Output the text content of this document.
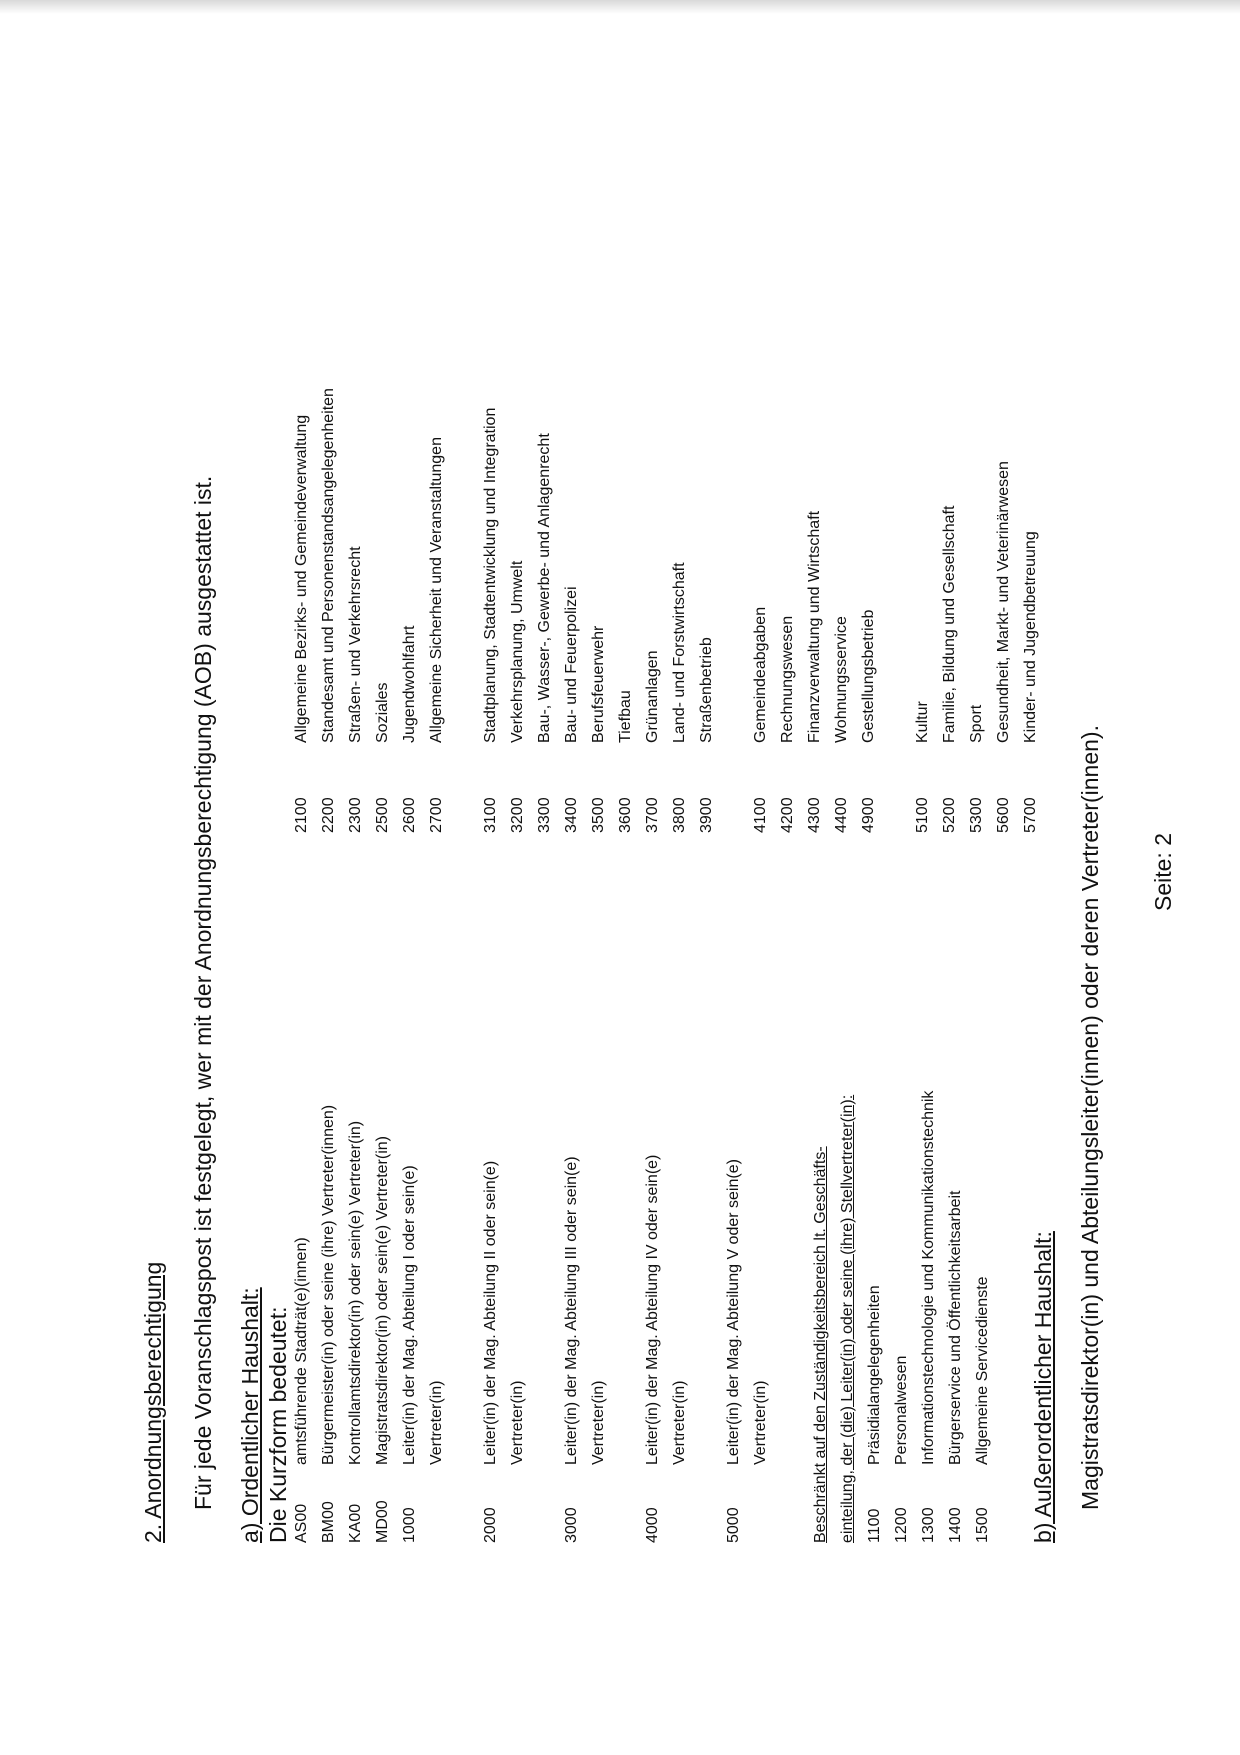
2. Anordnungsberechtigung Für jede Voranschlagspost ist festgelegt, wer mit der Anordnungsberechtigung (AOB) ausgestattet ist. a) Ordentlicher Haushalt: Die Kurzform bedeutet: AS00
amtsführende Stadträt(e)(innen)
BM00
Bürgermeister(in) oder seine (ihre) Vertreter(innen)
KA00
Kontrollamtsdirektor(in) oder sein(e) Vertreter(in)
MD00
Magistratsdirektor(in) oder sein(e) Vertreter(in)
1000
Leiter(in) der Mag. Abteilung I oder sein(e) Vertreter(in)
2000
Leiter(in) der Mag. Abteilung II oder sein(e) Vertreter(in)
3000
Leiter(in) der Mag. Abteilung III oder sein(e) Vertreter(in)
4000
Leiter(in) der Mag. Abteilung IV oder sein(e) Vertreter(in)
5000
Leiter(in) der Mag. Abteilung V oder sein(e) Vertreter(in)	Beschränkt auf den Zuständigkeitsbereich lt. Geschäfts- einteilung, der (die) Leiter(in) oder seine (ihre) Stellvertreter(in): 1100
Präsidialangelegenheiten
1200
Personalwesen
1300
Informationstechnologie und Kommunikationstechnik
1400
Bürgerservice und Öffentlichkeitsarbeit
1500
Allgemeine Servicedienste
2100
Allgemeine Bezirks- und Gemeindeverwaltung
2200
Standesamt und Personenstandsangelegenheiten
2300
Straßen- und Verkehrsrecht
2500
Soziales
2600
Jugendwohlfahrt
2700
Allgemeine Sicherheit und Veranstaltungen
3100
Stadtplanung, Stadtentwicklung und Integration
3200
Verkehrsplanung, Umwelt
3300
Bau-, Wasser-, Gewerbe- und Anlagenrecht
3400
Bau- und Feuerpolizei
3500
Berufsfeuerwehr
3600
Tiefbau
3700
Grünanlagen
3800
Land- und Forstwirtschaft
3900
Straßenbetrieb
4100
Gemeindeabgaben
4200
Rechnungswesen
4300
Finanzverwaltung und Wirtschaft
4400
Wohnungsservice
4900
Gestellungsbetrieb
5100
Kultur
5200
Familie, Bildung und Gesellschaft
5300
Sport
5600
Gesundheit, Markt- und Veterinärwesen
5700
Kinder- und Jugendbetreuung
b) Außerordentlicher Haushalt: Magistratsdirektor(in) und Abteilungsleiter(innen) oder deren Vertreter(innen). Seite: 2
